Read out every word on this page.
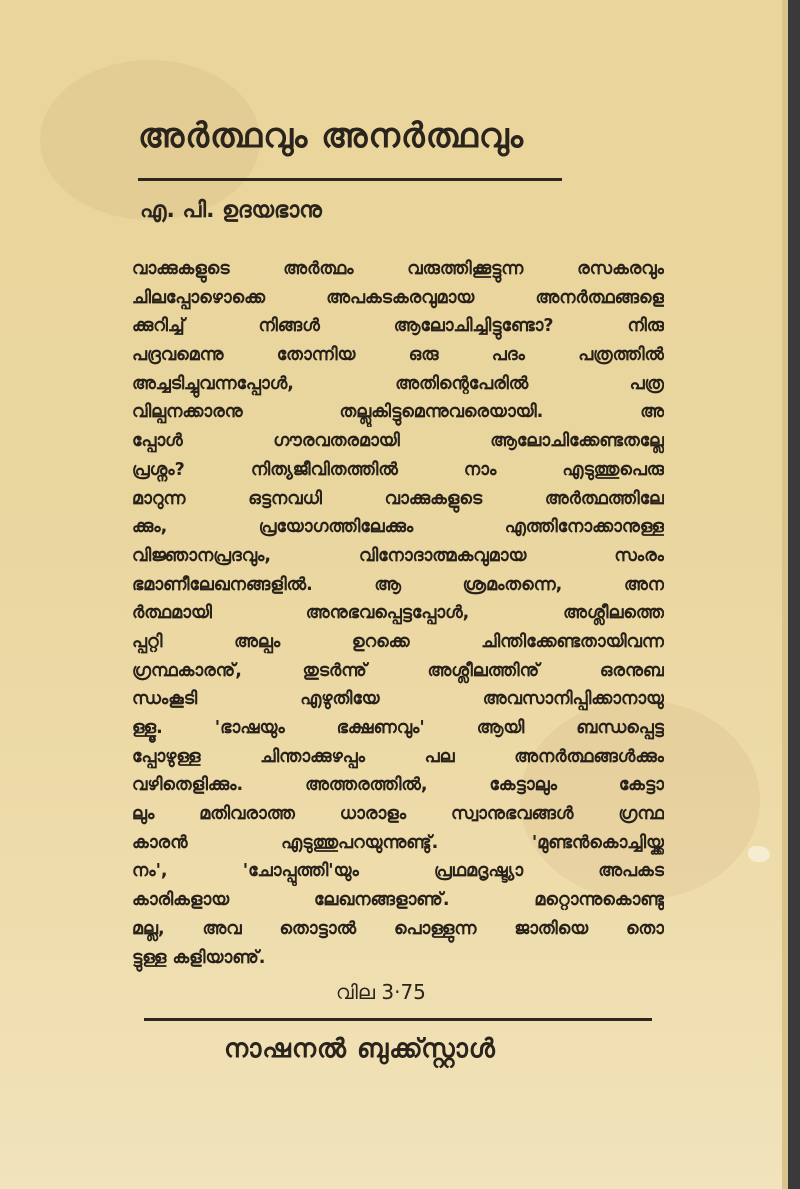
അര്‍ത്ഥവും അനര്‍ത്ഥവും
എ. പി. ഉദയഭാനു
വാക്കുകളുടെ അര്‍ത്ഥം വരുത്തിക്കൂട്ടുന്ന രസകരവും
ചിലപ്പോഴൊക്കെ അപകടകരവുമായ അനര്‍ത്ഥങ്ങളെ
ക്കുറിച്ച് നിങ്ങള്‍ ആലോചിച്ചിട്ടുണ്ടോ? നിരു
പദ്രവമെന്നു തോന്നിയ ഒരു പദം പത്രത്തില്‍
അച്ചടിച്ചുവന്നപ്പോള്‍, അതിന്റെപേരില്‍ പത്ര
വില്പനക്കാരനു തല്ലുകിട്ടുമെന്നുവരെയായി. അ
പ്പോള്‍ ഗൗരവതരമായി ആലോചിക്കേണ്ടതല്ലേ
പ്രശ്നം? നിത്യജീവിതത്തില്‍ നാം എടുത്തുപെരു
മാറുന്ന ഒട്ടനവധി വാക്കുകളുടെ അര്‍ത്ഥത്തിലേ
ക്കും, പ്രയോഗത്തിലേക്കും എത്തിനോക്കാനുള്ള
വിജ്ഞാനപ്രദവും, വിനോദാത്മകവുമായ സംരം
ഭമാണീലേഖനങ്ങളില്‍. ആ ശ്രമംതന്നെ, അന
ര്‍ത്ഥമായി അനുഭവപ്പെട്ടപ്പോള്‍, അശ്ലീലത്തെ
പ്പറ്റി അല്പം ഉറക്കെ ചിന്തിക്കേണ്ടതായിവന്ന
ഗ്രന്ഥകാരനു്, തുടര്‍ന്നു് അശ്ലീലത്തിനു് ഒരനുബ
ന്ധംകൂടി എഴുതിയേ അവസാനിപ്പിക്കാനായു
ള്ളൂ. 'ഭാഷയും ഭക്ഷണവും' ആയി ബന്ധപ്പെട്ട
പ്പോഴുള്ള ചിന്താക്കുഴപ്പം പല അനര്‍ത്ഥങ്ങള്‍ക്കും
വഴിതെളിക്കും. അത്തരത്തില്‍, കേട്ടാലും കേട്ടാ
ലും മതിവരാത്ത ധാരാളം സ്വാനുഭവങ്ങള്‍ ഗ്രന്ഥ
കാരന്‍ എടുത്തുപറയുന്നുണ്ടു്. 'മുണ്ടന്‍കൊച്ചിയ്ക്ക
നം', 'ചോപ്പുത്തി'യും പ്രഥമദൃഷ്ട്യാ അപകട
കാരികളായ ലേഖനങ്ങളാണു്. മറ്റൊന്നുകൊണ്ടു
മല്ല, അവ തൊട്ടാല്‍ പൊള്ളുന്ന ജാതിയെ തൊ
ട്ടുള്ള കളിയാണു്.
വില 3·75
നാഷനല്‍ ബുക്ക്സ്റ്റാള്‍
